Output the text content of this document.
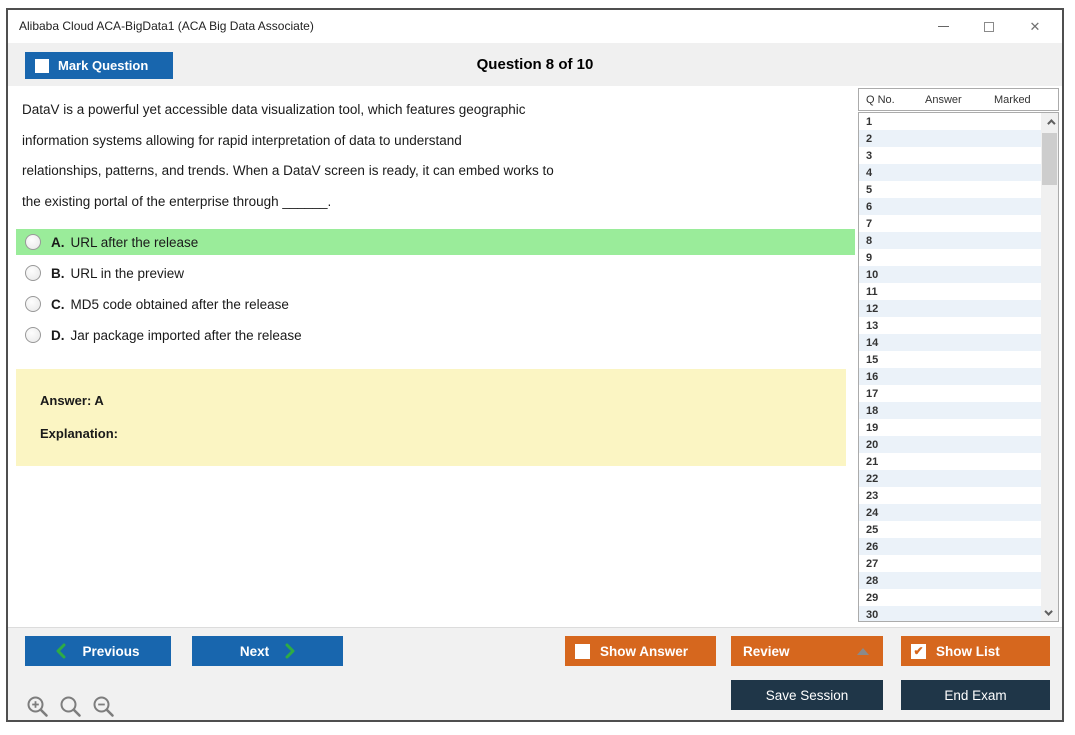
Alibaba Cloud ACA-BigData1 (ACA Big Data Associate)	✕
Question 8 of 10
Mark Question
DataV is a powerful yet accessible data visualization tool, which features geographic
information systems allowing for rapid interpretation of data to understand
relationships, patterns, and trends. When a DataV screen is ready, it can embed works to
the existing portal of the enterprise through ______.
A. URL after the release
B. URL in the preview
C. MD5 code obtained after the release
D. Jar package imported after the release
Answer: A
Explanation:
Q No.	Answer	Marked
1
2
3
4
5
6
7
8
9
10
11
12
13
14
15
16
17
18
19
20
21
22
23
24
25
26
27
28
29
30
Previous	Next	Show Answer	Review	✔ Show List
Save Session	End Exam
